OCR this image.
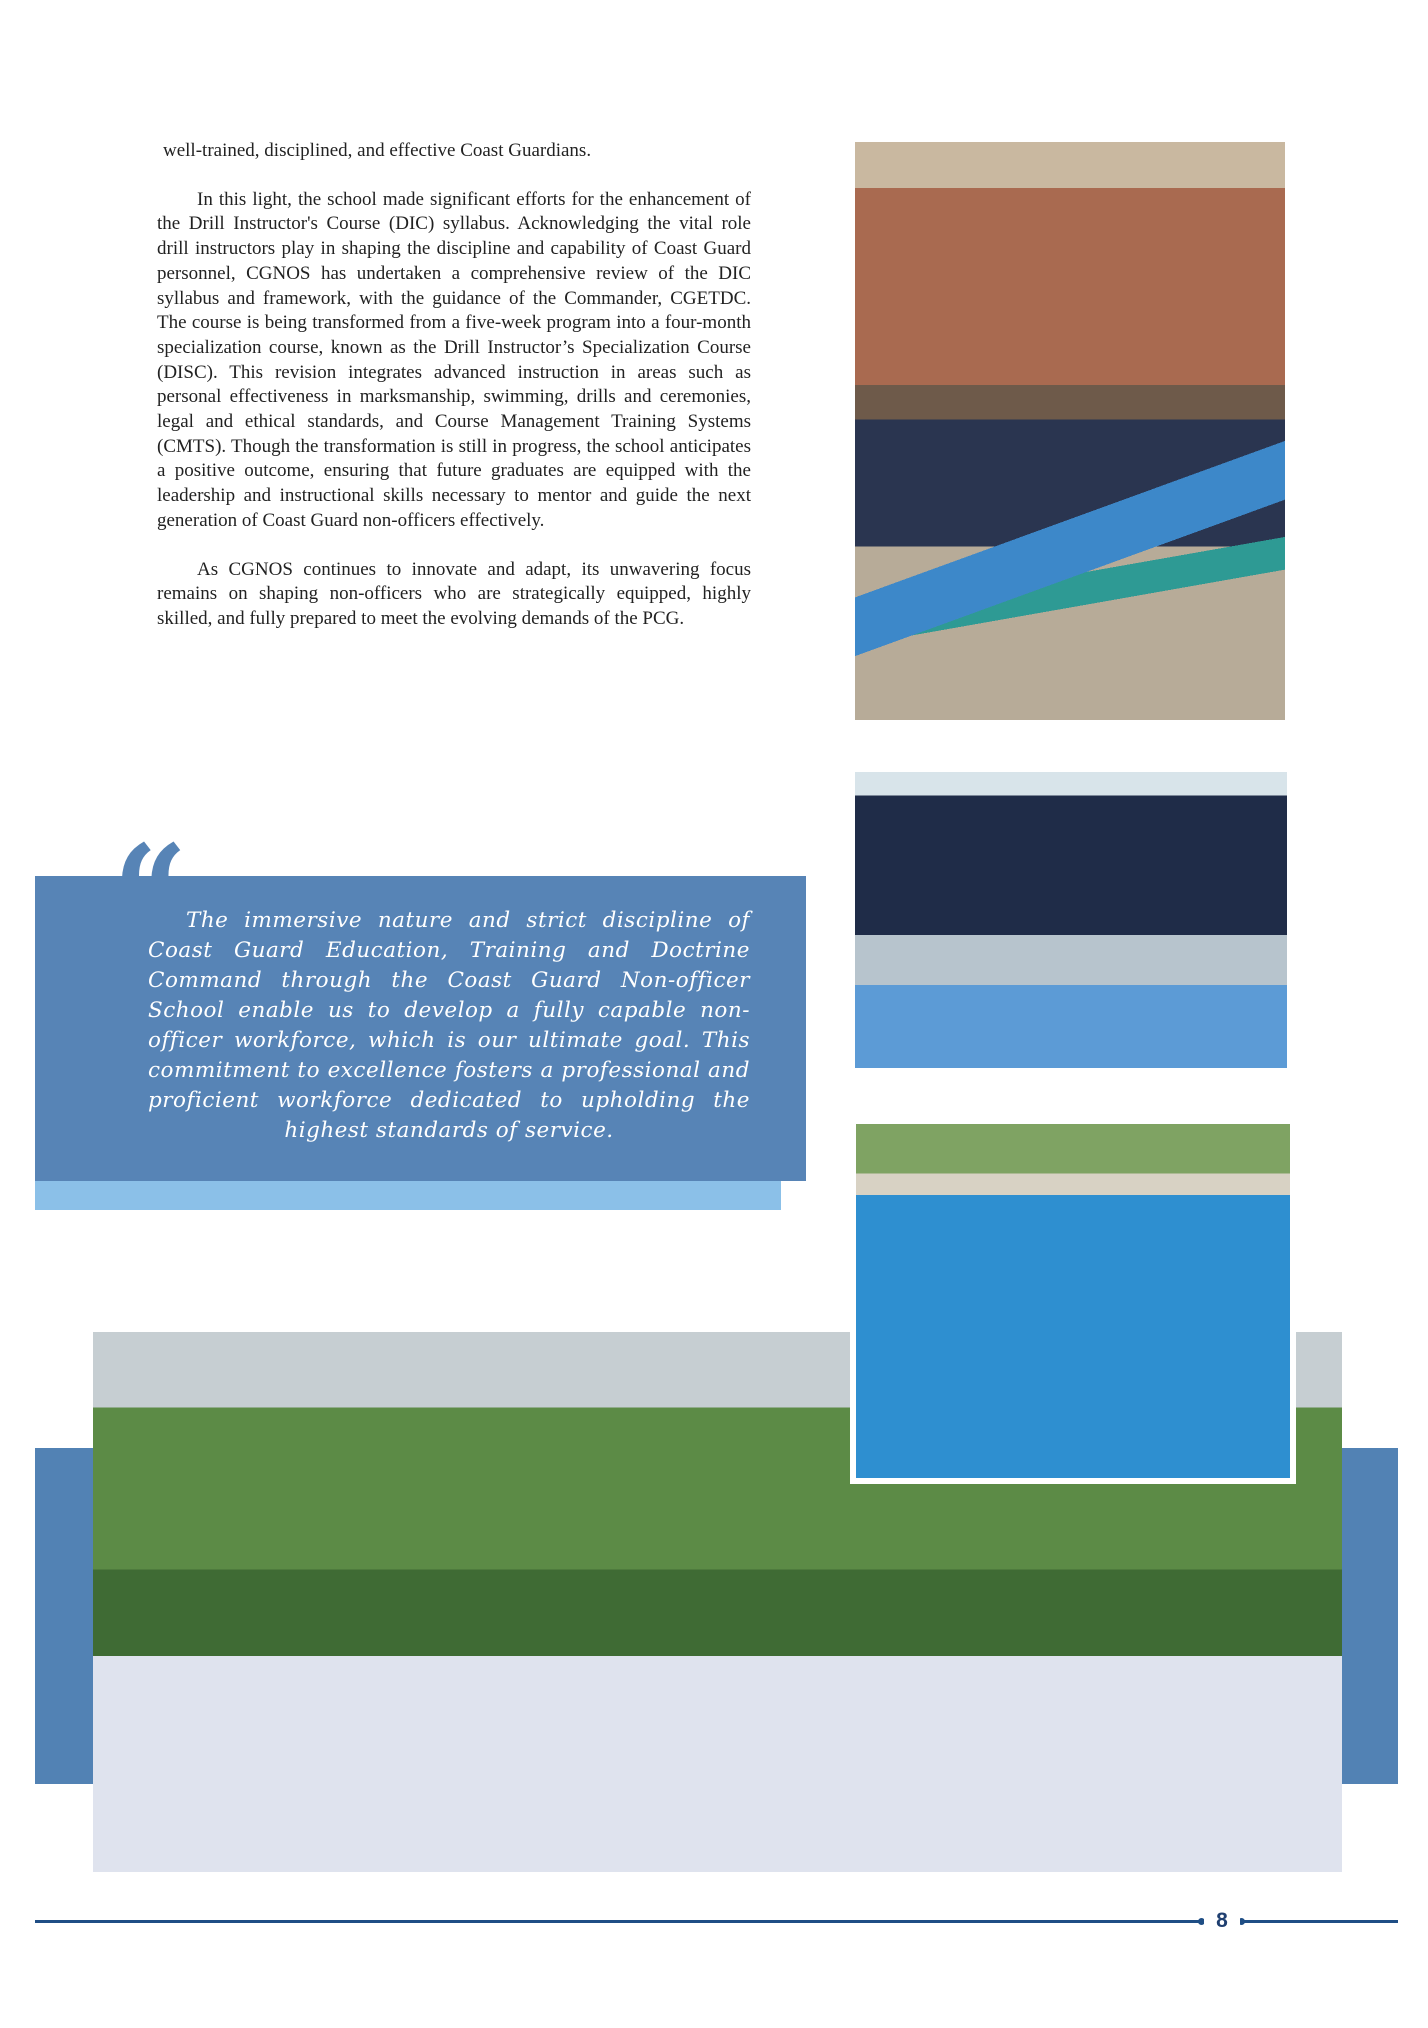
well-trained, disciplined, and effective Coast Guardians.

In this light, the school made significant efforts for the enhancement of the Drill Instructor's Course (DIC) syllabus. Acknowledging the vital role drill instructors play in shaping the discipline and capability of Coast Guard personnel, CGNOS has undertaken a comprehensive review of the DIC syllabus and framework, with the guidance of the Commander, CGETDC. The course is being transformed from a five-week program into a four-month specialization course, known as the Drill Instructor’s Specialization Course (DISC). This revision integrates advanced instruction in areas such as personal effectiveness in marksmanship, swimming, drills and ceremonies, legal and ethical standards, and Course Management Training Systems (CMTS). Though the transformation is still in progress, the school anticipates a positive outcome, ensuring that future graduates are equipped with the leadership and instructional skills necessary to mentor and guide the next generation of Coast Guard non-officers effectively.

As CGNOS continues to innovate and adapt, its unwavering focus remains on shaping non-officers who are strategically equipped, highly skilled, and fully prepared to meet the evolving demands of the PCG.

“
The immersive nature and strict discipline of Coast Guard Education, Training and Doctrine Command through the Coast Guard Non-officer School enable us to develop a fully capable non-officer workforce, which is our ultimate goal. This commitment to excellence fosters a professional and proficient workforce dedicated to upholding the highest standards of service.
8
